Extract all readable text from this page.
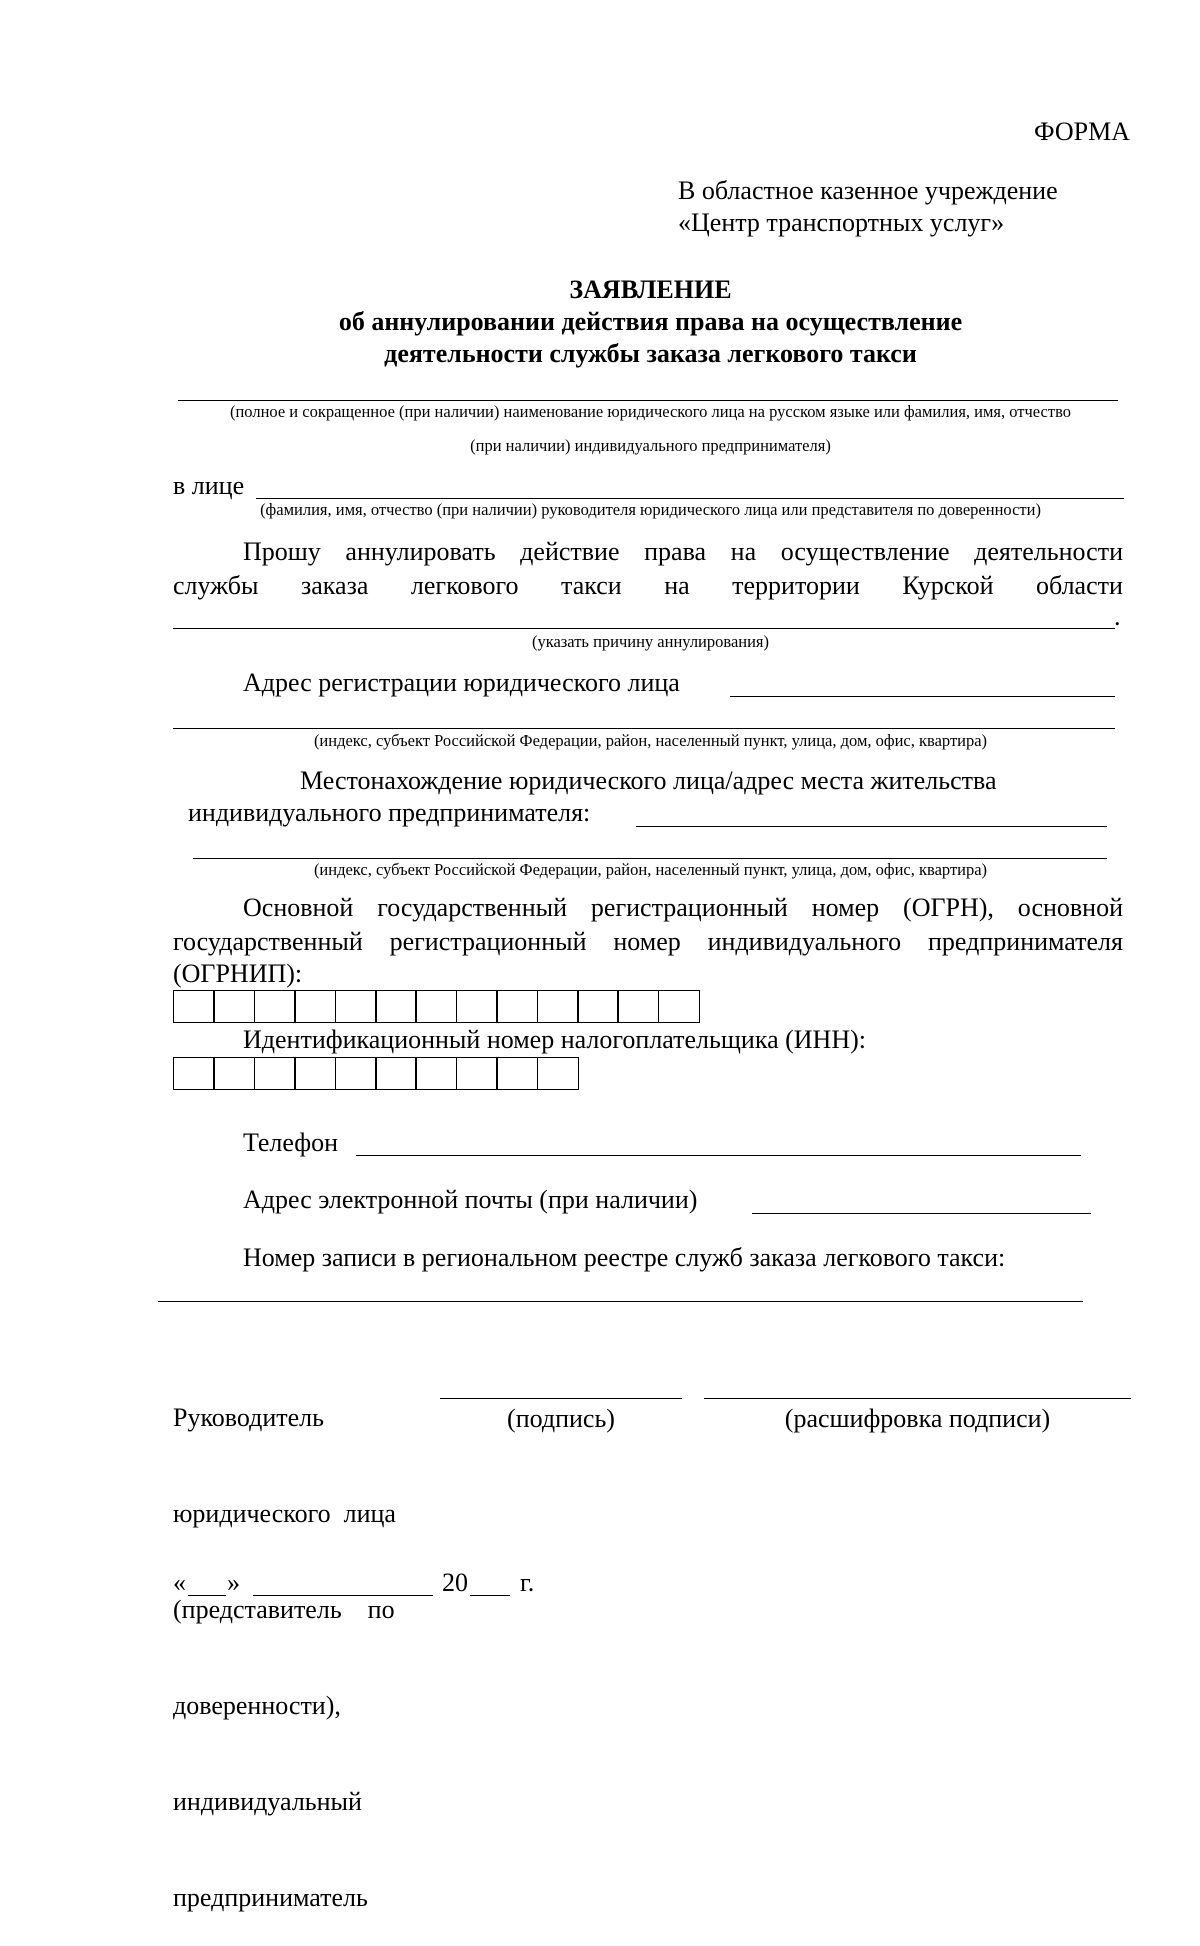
ФОРМА
В областное казенное учреждение
«Центр транспортных услуг»
ЗАЯВЛЕНИЕ
об аннулировании действия права на осуществление
деятельности службы заказа легкового такси
(полное и сокращенное (при наличии) наименование юридического лица на русском языке или фамилия, имя, отчество
(при наличии) индивидуального предпринимателя)
в лице
(фамилия, имя, отчество (при наличии) руководителя юридического лица или представителя по доверенности)
Прошу аннулировать действие права на осуществление деятельности
службы заказа легкового такси на территории Курской области
.
(указать причину аннулирования)
Адрес регистрации юридического лица
(индекс, субъект Российской Федерации, район, населенный пункт, улица, дом, офис, квартира)
Местонахождение юридического лица/адрес места жительства
индивидуального предпринимателя:
(индекс, субъект Российской Федерации, район, населенный пункт, улица, дом, офис, квартира)
Основной государственный регистрационный номер (ОГРН), основной
государственный регистрационный номер индивидуального предпринимателя
(ОГРНИП):
Идентификационный номер налогоплательщика (ИНН):
Телефон
Адрес электронной почты (при наличии)
Номер записи в региональном реестре служб заказа легкового такси:

Руководитель

юридического  лица

(представитель    по

доверенности),

индивидуальный

предприниматель

(подпись)	(расшифровка подписи)
« »	20 г.
